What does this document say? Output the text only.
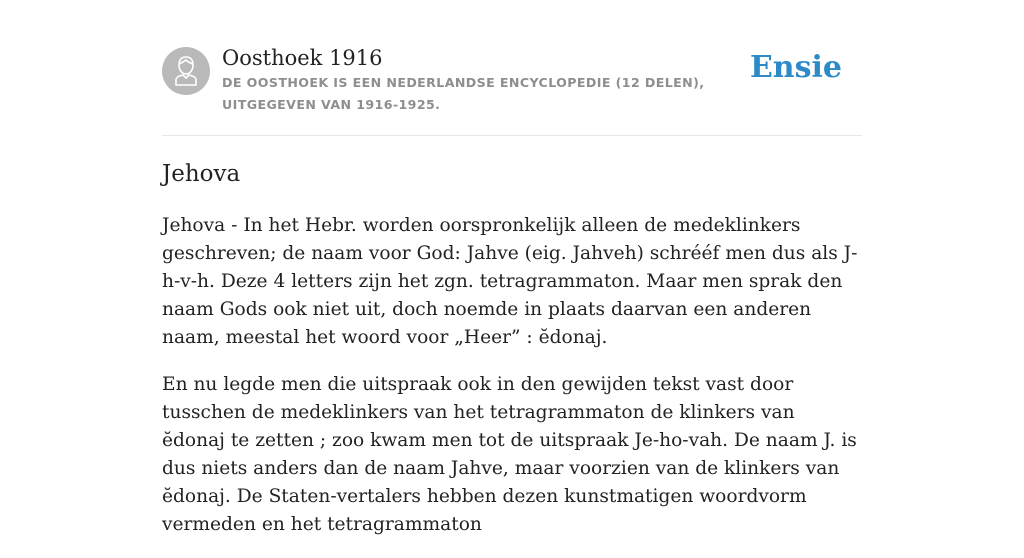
Oosthoek 1916
DE OOSTHOEK IS EEN NEDERLANDSE ENCYCLOPEDIE (12 DELEN), UITGEGEVEN VAN 1916-1925.
Ensie
Jehova

Jehova - In het Hebr. worden oorspronkelijk alleen de medeklinkers geschreven; de naam voor God: Jahve (eig. Jahveh) schrééf men dus als J-h-v-h. Deze 4 letters zijn het zgn. tetragrammaton. Maar men sprak den naam Gods ook niet uit, doch noemde in plaats daarvan een anderen naam, meestal het woord voor „Heer” : ĕdonaj.

En nu legde men die uitspraak ook in den gewijden tekst vast door tusschen de medeklinkers van het tetragrammaton de klinkers van ĕdonaj te zetten ; zoo kwam men tot de uitspraak Je-ho-vah. De naam J. is dus niets anders dan de naam Jahve, maar voorzien van de klinkers van ĕdonaj. De Staten-vertalers hebben dezen kunstmatigen woordvorm vermeden en het tetragrammaton
